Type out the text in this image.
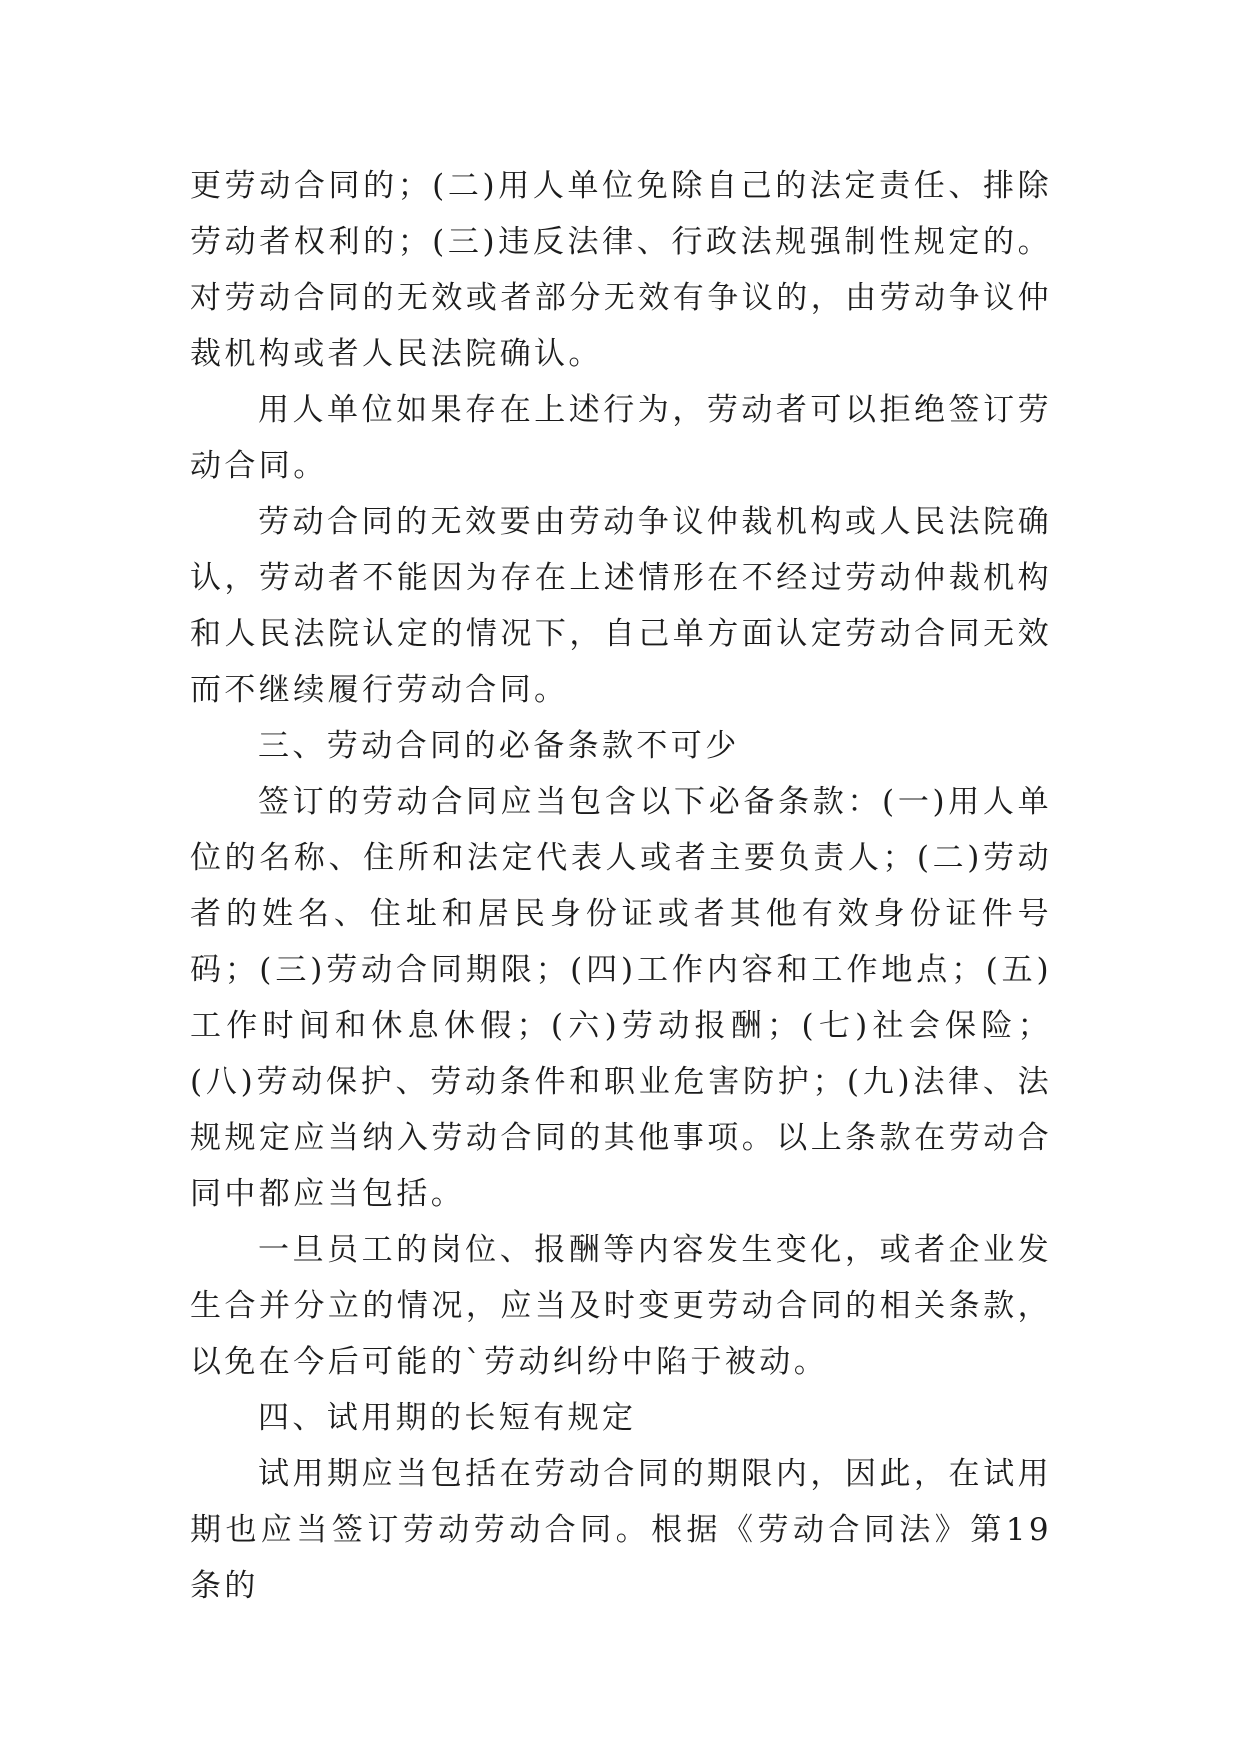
更劳动合同的；(二)用人单位免除自己的法定责任、排除劳动者权利的；(三)违反法律、行政法规强制性规定的。对劳动合同的无效或者部分无效有争议的，由劳动争议仲裁机构或者人民法院确认。

用人单位如果存在上述行为，劳动者可以拒绝签订劳动合同。

劳动合同的无效要由劳动争议仲裁机构或人民法院确认，劳动者不能因为存在上述情形在不经过劳动仲裁机构和人民法院认定的情况下，自己单方面认定劳动合同无效而不继续履行劳动合同。

三、劳动合同的必备条款不可少

签订的劳动合同应当包含以下必备条款：(一)用人单位的名称、住所和法定代表人或者主要负责人；(二)劳动者的姓名、住址和居民身份证或者其他有效身份证件号码；(三)劳动合同期限；(四)工作内容和工作地点；(五)工作时间和休息休假；(六)劳动报酬；(七)社会保险；(八)劳动保护、劳动条件和职业危害防护；(九)法律、法规规定应当纳入劳动合同的其他事项。以上条款在劳动合同中都应当包括。

一旦员工的岗位、报酬等内容发生变化，或者企业发生合并分立的情况，应当及时变更劳动合同的相关条款，以免在今后可能的`劳动纠纷中陷于被动。

四、试用期的长短有规定

试用期应当包括在劳动合同的期限内，因此，在试用期也应当签订劳动劳动合同。根据《劳动合同法》第19条的
